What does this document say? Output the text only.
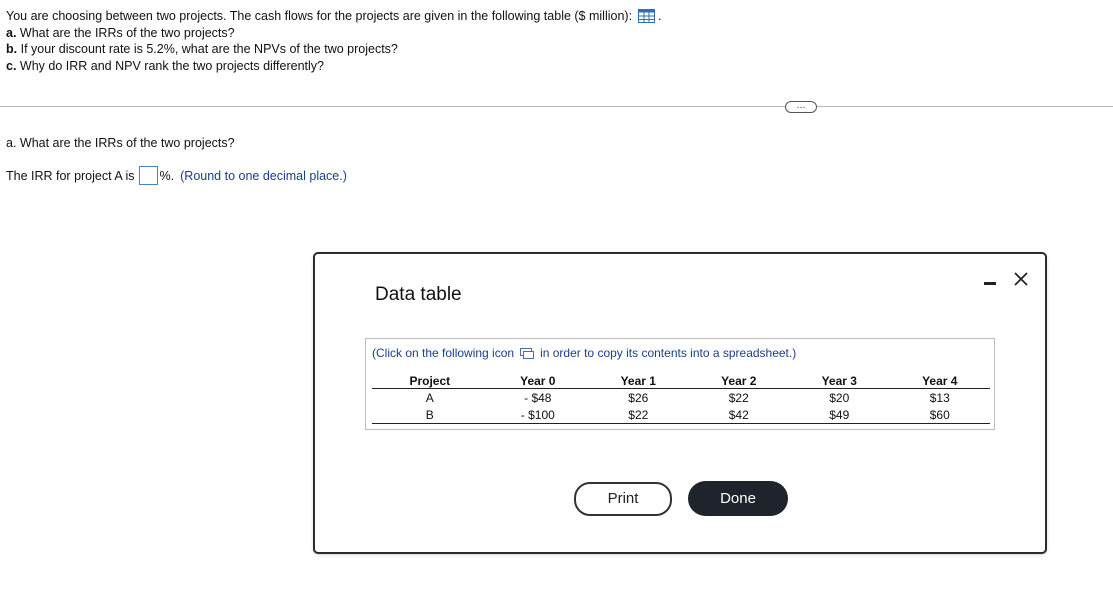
You are choosing between two projects. The cash flows for the projects are given in the following table ($ million): .
a. What are the IRRs of the two projects?
b. If your discount rate is 5.2%, what are the NPVs of the two projects?
c. Why do IRR and NPV rank the two projects differently?
…
a. What are the IRRs of the two projects?
The IRR for project A is %. (Round to one decimal place.)
Data table
(Click on the following icon in order to copy its contents into a spreadsheet.)
Project	Year 0	Year 1	Year 2	Year 3	Year 4
A	- $48	$26	$22	$20	$13
B	- $100	$22	$42	$49	$60
Print	Done
